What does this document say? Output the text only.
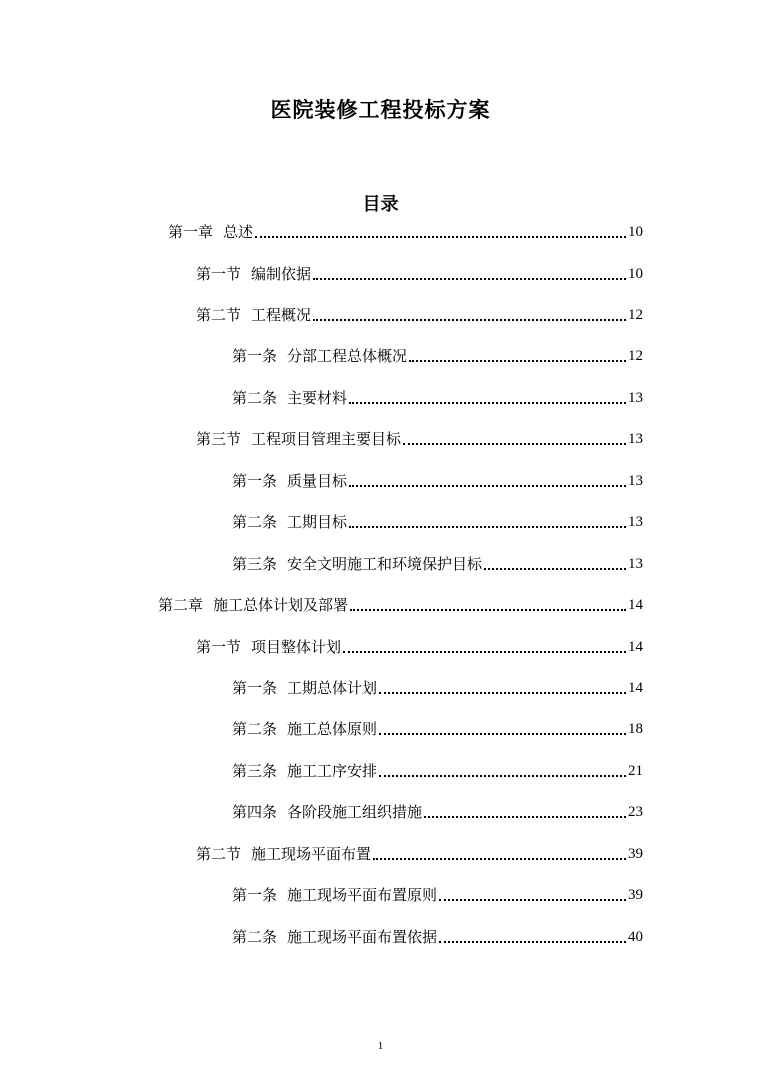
医院装修工程投标方案
目录
第一章 总述	10
第一节 编制依据	10
第二节 工程概况	12
第一条 分部工程总体概况	12
第二条 主要材料	13
第三节 工程项目管理主要目标	13
第一条 质量目标	13
第二条 工期目标	13
第三条 安全文明施工和环境保护目标	13
第二章 施工总体计划及部署	14
第一节 项目整体计划	14
第一条 工期总体计划	14
第二条 施工总体原则	18
第三条 施工工序安排	21
第四条 各阶段施工组织措施	23
第二节 施工现场平面布置	39
第一条 施工现场平面布置原则	39
第二条 施工现场平面布置依据	40
1
